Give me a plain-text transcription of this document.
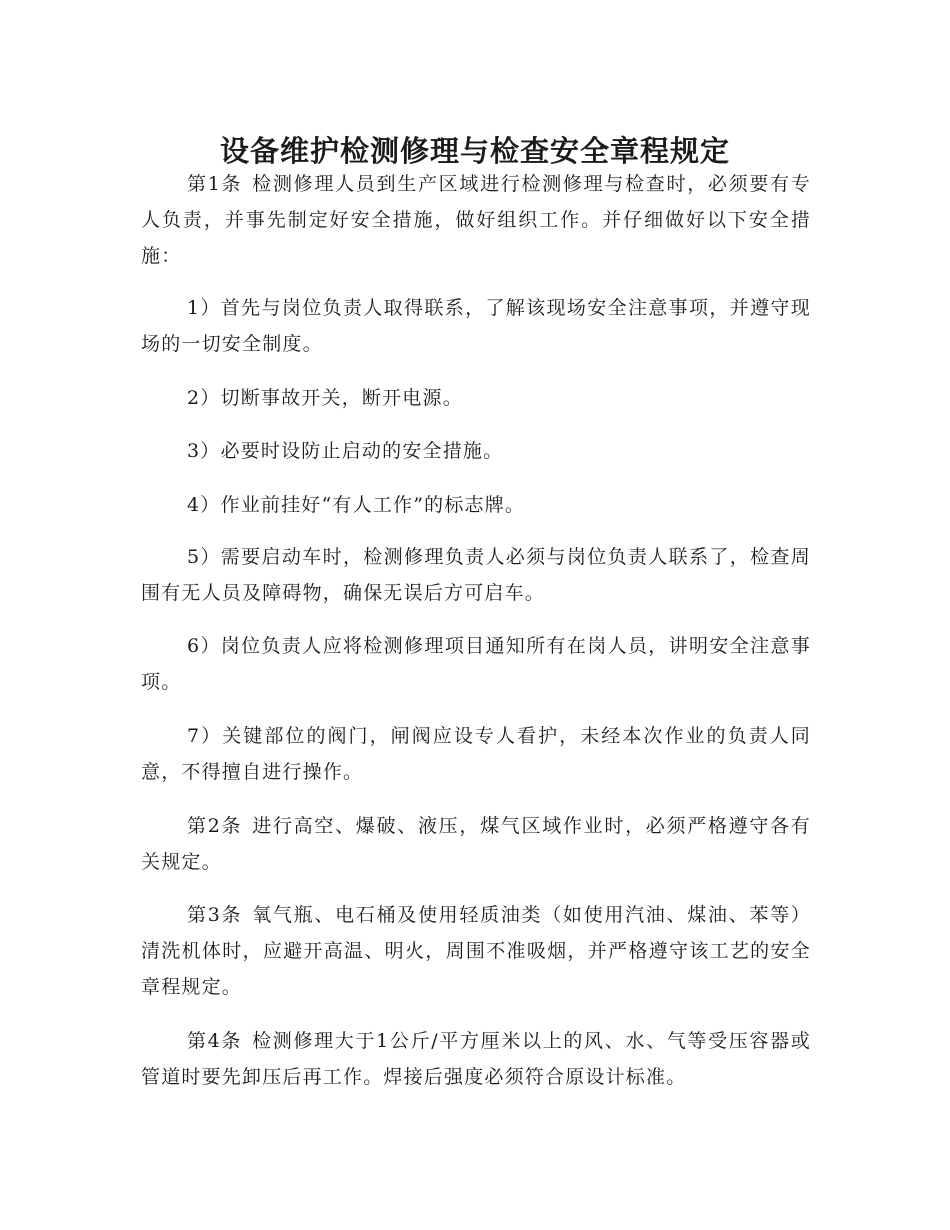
设备维护检测修理与检查安全章程规定

第1条 检测修理人员到生产区域进行检测修理与检查时，必须要有专人负责，并事先制定好安全措施，做好组织工作。并仔细做好以下安全措施：

1）首先与岗位负责人取得联系，了解该现场安全注意事项，并遵守现场的一切安全制度。

2）切断事故开关，断开电源。

3）必要时设防止启动的安全措施。

4）作业前挂好“有人工作”的标志牌。

5）需要启动车时，检测修理负责人必须与岗位负责人联系了，检查周围有无人员及障碍物，确保无误后方可启车。

6）岗位负责人应将检测修理项目通知所有在岗人员，讲明安全注意事项。

7）关键部位的阀门，闸阀应设专人看护，未经本次作业的负责人同意，不得擅自进行操作。

第2条 进行高空、爆破、液压，煤气区域作业时，必须严格遵守各有关规定。

第3条 氧气瓶、电石桶及使用轻质油类（如使用汽油、煤油、苯等）清洗机体时，应避开高温、明火，周围不准吸烟，并严格遵守该工艺的安全章程规定。

第4条 检测修理大于1公斤/平方厘米以上的风、水、气等受压容器或管道时要先卸压后再工作。焊接后强度必须符合原设计标准。
